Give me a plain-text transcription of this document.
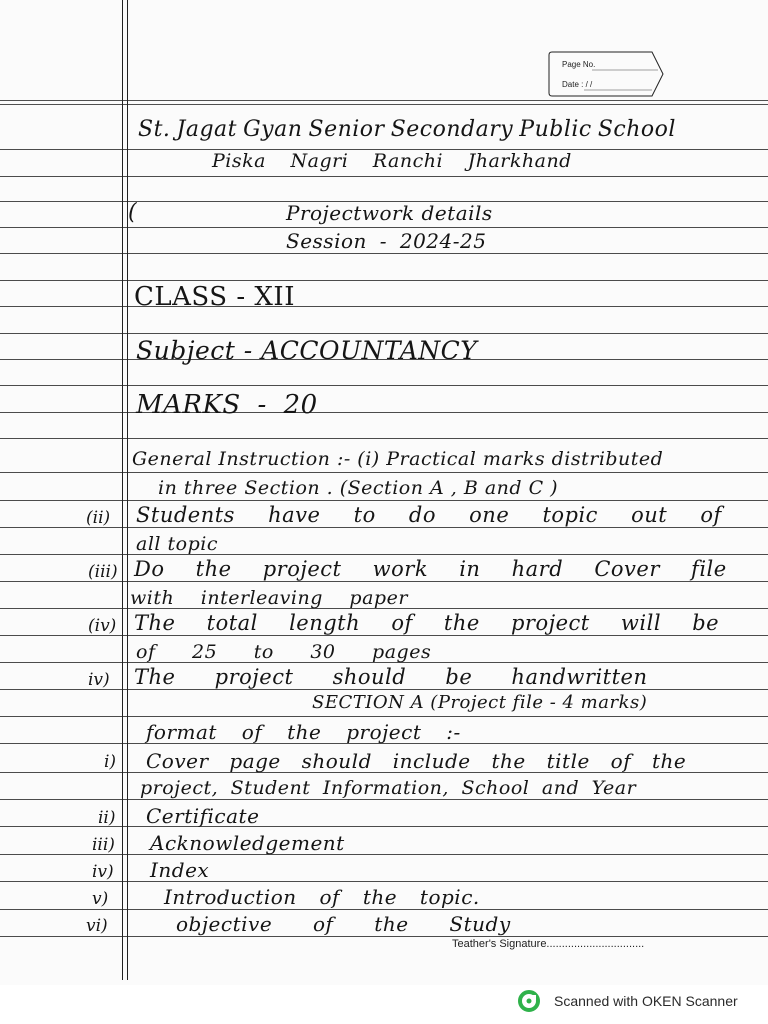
Page No.
Date : / /
St. Jagat Gyan Senior Secondary Public School
Piska Nagri Ranchi Jharkhand
(	Projectwork details
Session - 2024-25
CLASS - XII
Subject - ACCOUNTANCY
MARKS - 20
General Instruction :- (i) Practical marks distributed
in three Section . (Section A , B and C )
(ii) Students have to do one topic out of
all topic
(iii) Do the project work in hard Cover file
with interleaving paper
(iv) The total length of the project will be
of 25 to 30 pages
iv) The project should be handwritten
SECTION A (Project file - 4 marks)
format of the project :-
i) Cover page should include the title of the
project, Student Information, School and Year
ii) Certificate
iii) Acknowledgement
iv) Index
v)	Introduction of the topic.
vi)	objective of the Study
Teather's Signature................................
Scanned with OKEN Scanner
